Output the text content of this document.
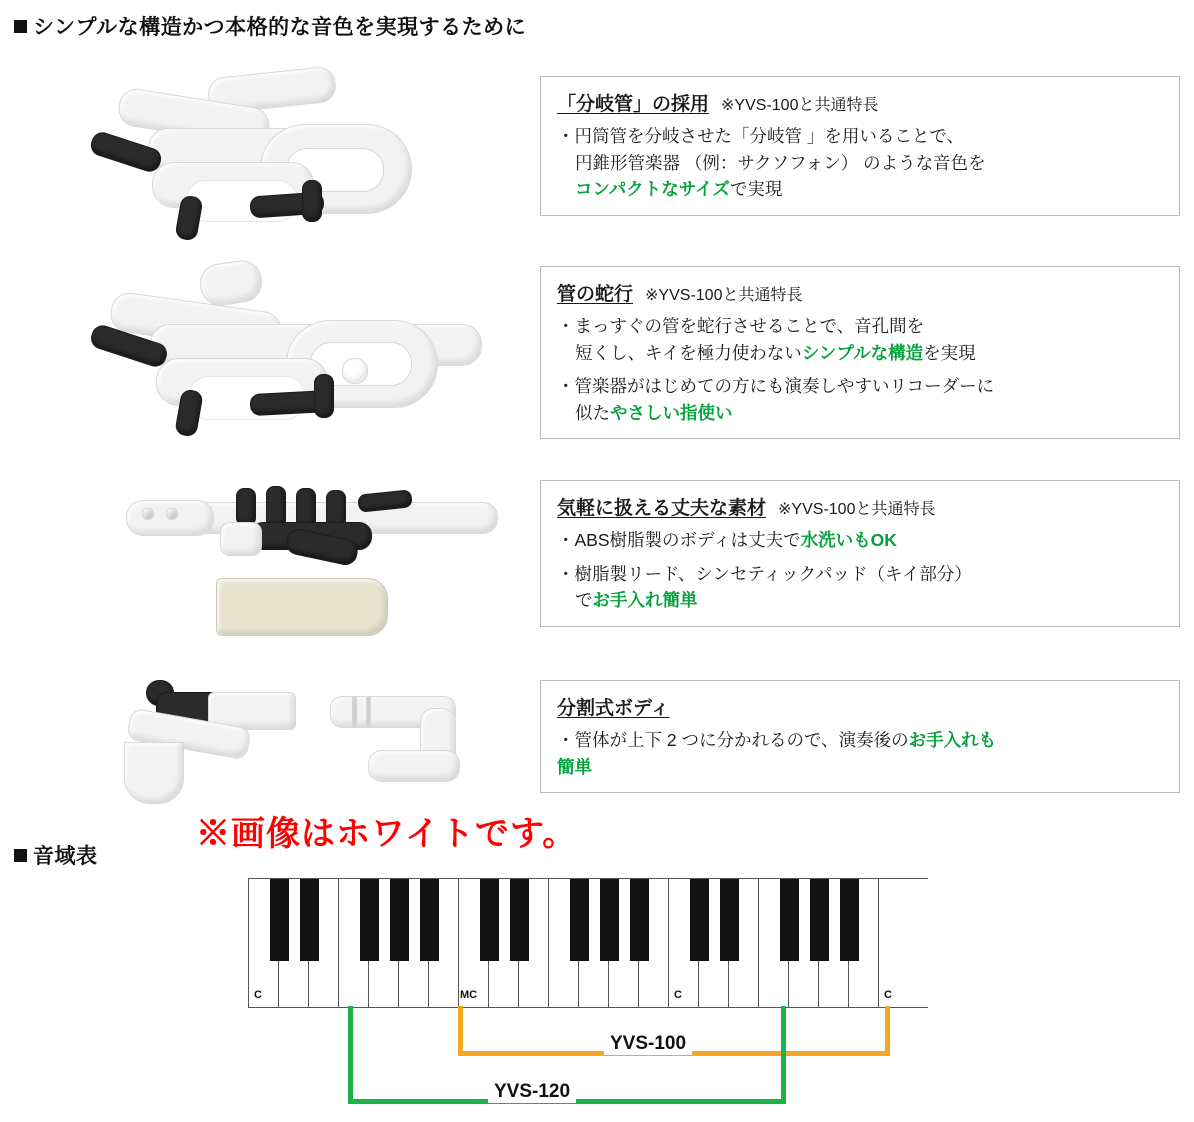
シンプルな構造かつ本格的な音色を実現するために
「分岐管」の採用 ※YVS-100と共通特長
・円筒管を分岐させた「分岐管 」を用いることで、
円錐形管楽器 （例：サクソフォン） のような音色を
コンパクトなサイズで実現
管の蛇行 ※YVS-100と共通特長
・まっすぐの管を蛇行させることで、音孔間を
短くし、キイを極力使わないシンプルな構造を実現
・管楽器がはじめての方にも演奏しやすいリコーダーに
似たやさしい指使い
気軽に扱える丈夫な素材 ※YVS-100と共通特長
・ABS樹脂製のボディは丈夫で水洗いもOK
・樹脂製リード、シンセティックパッド（キイ部分）
でお手入れ簡単
分割式ボディ
・管体が上下 2 つに分かれるので、演奏後のお手入れも
簡単
※画像はホワイトです。
音域表
C	MC	C	C
YVS-100
YVS-120
